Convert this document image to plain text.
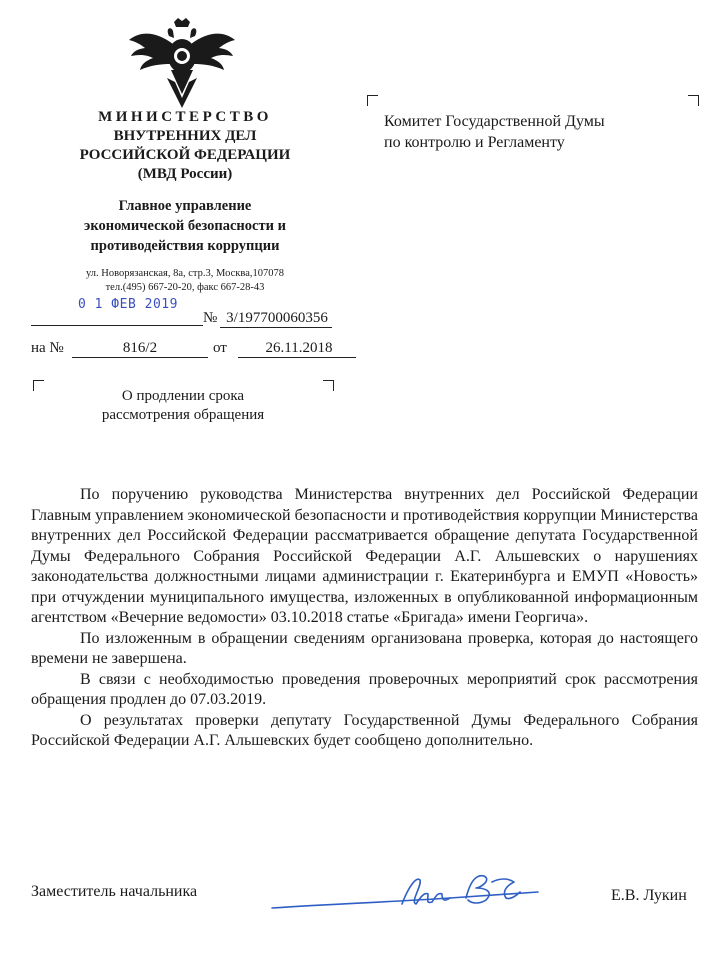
МИНИСТЕРСТВО
ВНУТРЕННИХ ДЕЛ
РОССИЙСКОЙ ФЕДЕРАЦИИ
(МВД России)
Главное управление
экономической безопасности и
противодействия коррупции
ул. Новорязанская, 8а, стр.3, Москва,107078
тел.(495) 667-20-20, факс 667-28-43
0 1 ФЕВ 2019
№ 3/197700060356
на №	816/2	от	26.11.2018
Комитет Государственной Думы
по контролю и Регламенту
О продлении срока
рассмотрения обращения

По поручению руководства Министерства внутренних дел Российской Федерации Главным управлением экономической безопасности и противодействия коррупции Министерства внутренних дел Российской Федерации рассматривается обращение депутата Государственной Думы Федерального Собрания Российской Федерации А.Г. Альшевских о нарушениях законодательства должностными лицами администрации г. Екатеринбурга и ЕМУП «Новость» при отчуждении муниципального имущества, изложенных в опубликованной информационным агентством «Вечерние ведомости» 03.10.2018 статье «Бригада» имени Георгича».

По изложенным в обращении сведениям организована проверка, которая до настоящего времени не завершена.

В связи с необходимостью проведения проверочных мероприятий срок рассмотрения обращения продлен до 07.03.2019.

О результатах проверки депутату Государственной Думы Федерального Собрания Российской Федерации А.Г. Альшевских будет сообщено дополнительно.

Заместитель начальника	Е.В. Лукин
